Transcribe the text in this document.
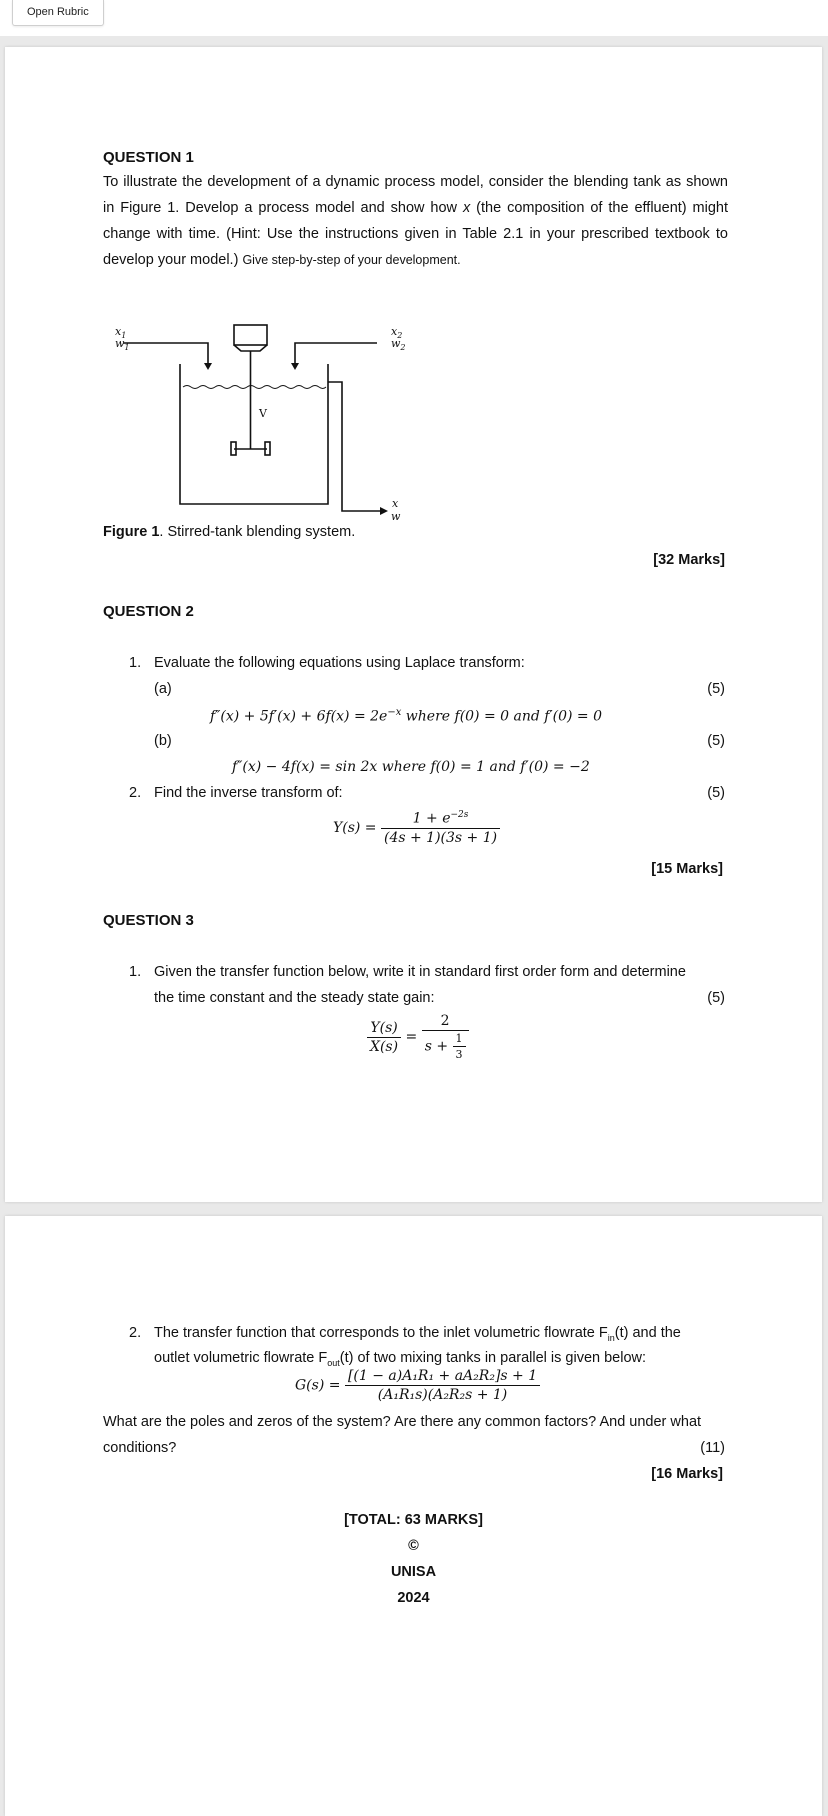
Open Rubric
QUESTION 1
To illustrate the development of a dynamic process model, consider the blending tank as shown in Figure 1. Develop a process model and show how x (the composition of the effluent) might change with time. (Hint: Use the instructions given in Table 2.1 in your prescribed textbook to develop your model.) Give step-by-step of your development.
$x_1$
$w_1$
$x_2$
$w_2$
x
w
V
Figure 1. Stirred-tank blending system.
[32 Marks]
QUESTION 2
1. Evaluate the following equations using Laplace transform:
(a)	(5)
$f''(x) + 5f'(x) + 6f(x) = 2e^{-x}$ where f(0) = 0 and f′(0) = 0
(b)	(5)
f″(x) − 4f(x) = sin 2x where f(0) = 1 and f′(0) = −2
2. Find the inverse transform of:	(5)
$Y(s) = \frac{1 + e^{-2s}}{(4s + 1)(3s + 1)}$
[15 Marks]
QUESTION 3
1. Given the transfer function below, write it in standard first order form and determine
the time constant and the steady state gain:	(5)
$\frac{Y(s)}{X(s)} = \frac{2}{s + \frac{1}{3}}$
2. The transfer function that corresponds to the inlet volumetric flowrate $F_{in}(t)$ and the
outlet volumetric flowrate $F_{out}(t)$ of two mixing tanks in parallel is given below:
$G(s) = \frac{\text{[(1 − a)A₁R₁ + aA₂R₂]s + 1}}{\text{(A₁R₁s)(A₂R₂s + 1)}}$
What are the poles and zeros of the system? Are there any common factors? And under what
conditions?	(11)
[16 Marks]
[TOTAL: 63 MARKS]
©
UNISA
2024
